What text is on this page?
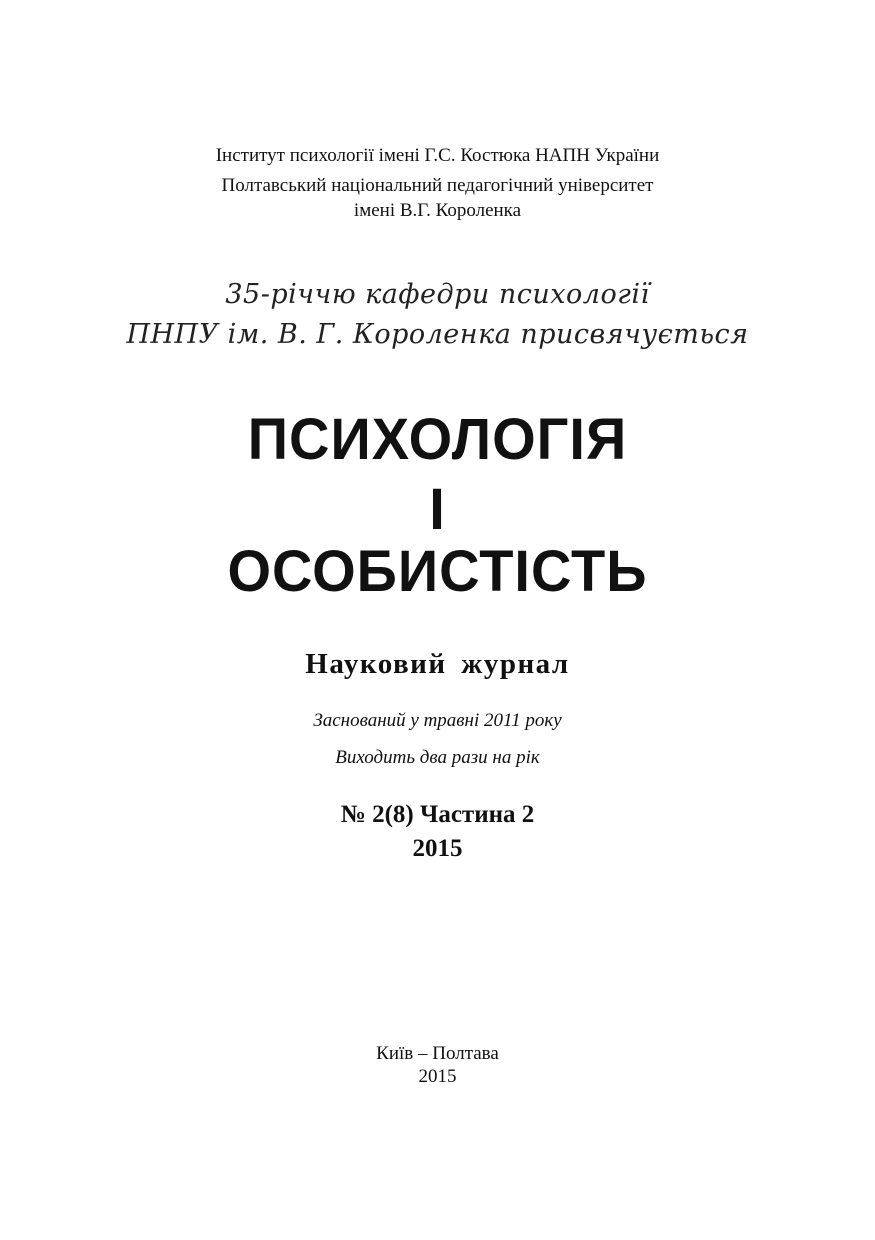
Інститут психології імені Г.С. Костюка НАПН України
Полтавський національний педагогічний університет
імені В.Г. Короленка
35-річчю кафедри психології
ПНПУ ім. В. Г. Короленка присвячується
ПСИХОЛОГІЯ
І
ОСОБИСТІСТЬ
Науковий журнал
Заснований у травні 2011 року
Виходить два рази на рік
№ 2(8) Частина 2
2015
Київ – Полтава
2015
